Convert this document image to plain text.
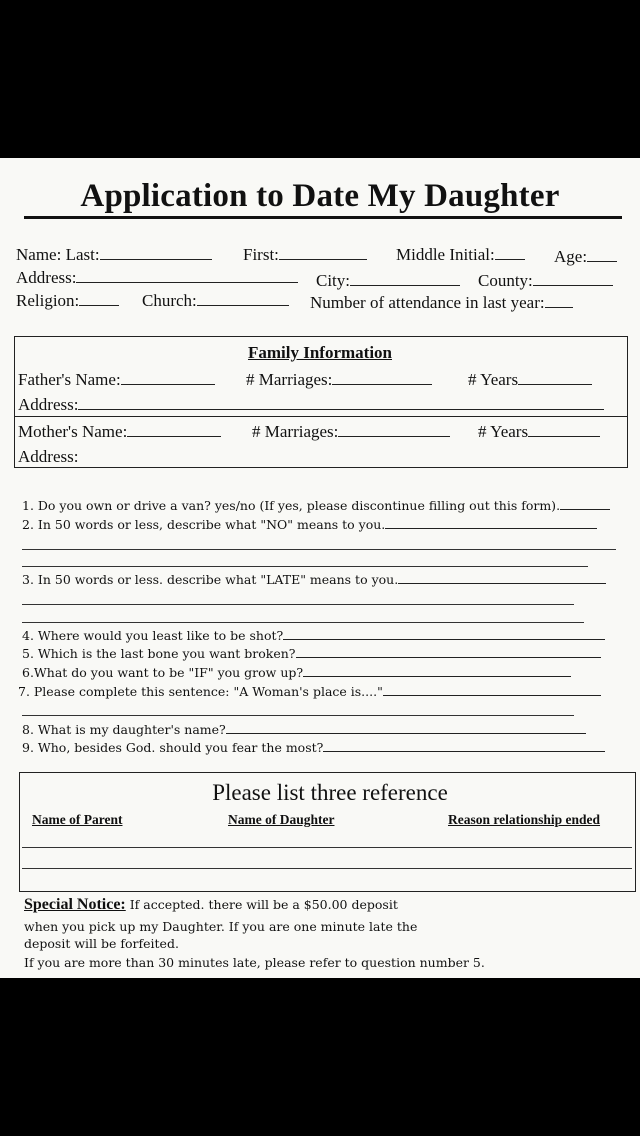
Application to Date My Daughter
Name: Last:	First:	Middle Initial:	Age:
Address:	City:	County:
Religion:	Church:	Number of attendance in last year:
Family Information
Father's Name:	# Marriages:	# Years
Address:
Mother's Name:	# Marriages:	# Years
Address:
1. Do you own or drive a van? yes/no (If yes, please discontinue filling out this form).
2. In 50 words or less, describe what "NO" means to you.
3. In 50 words or less. describe what "LATE" means to you.
4. Where would you least like to be shot?
5. Which is the last bone you want broken?
6.What do you want to be "IF" you grow up?
7. Please complete this sentence: "A Woman's place is...."
8. What is my daughter's name?
9. Who, besides God. should you fear the most?
Please list three reference
Name of Parent	Name of Daughter	Reason relationship ended
Special Notice: If accepted. there will be a $50.00 deposit
when you pick up my Daughter. If you are one minute late the
deposit will be forfeited.
If you are more than 30 minutes late, please refer to question number 5.
